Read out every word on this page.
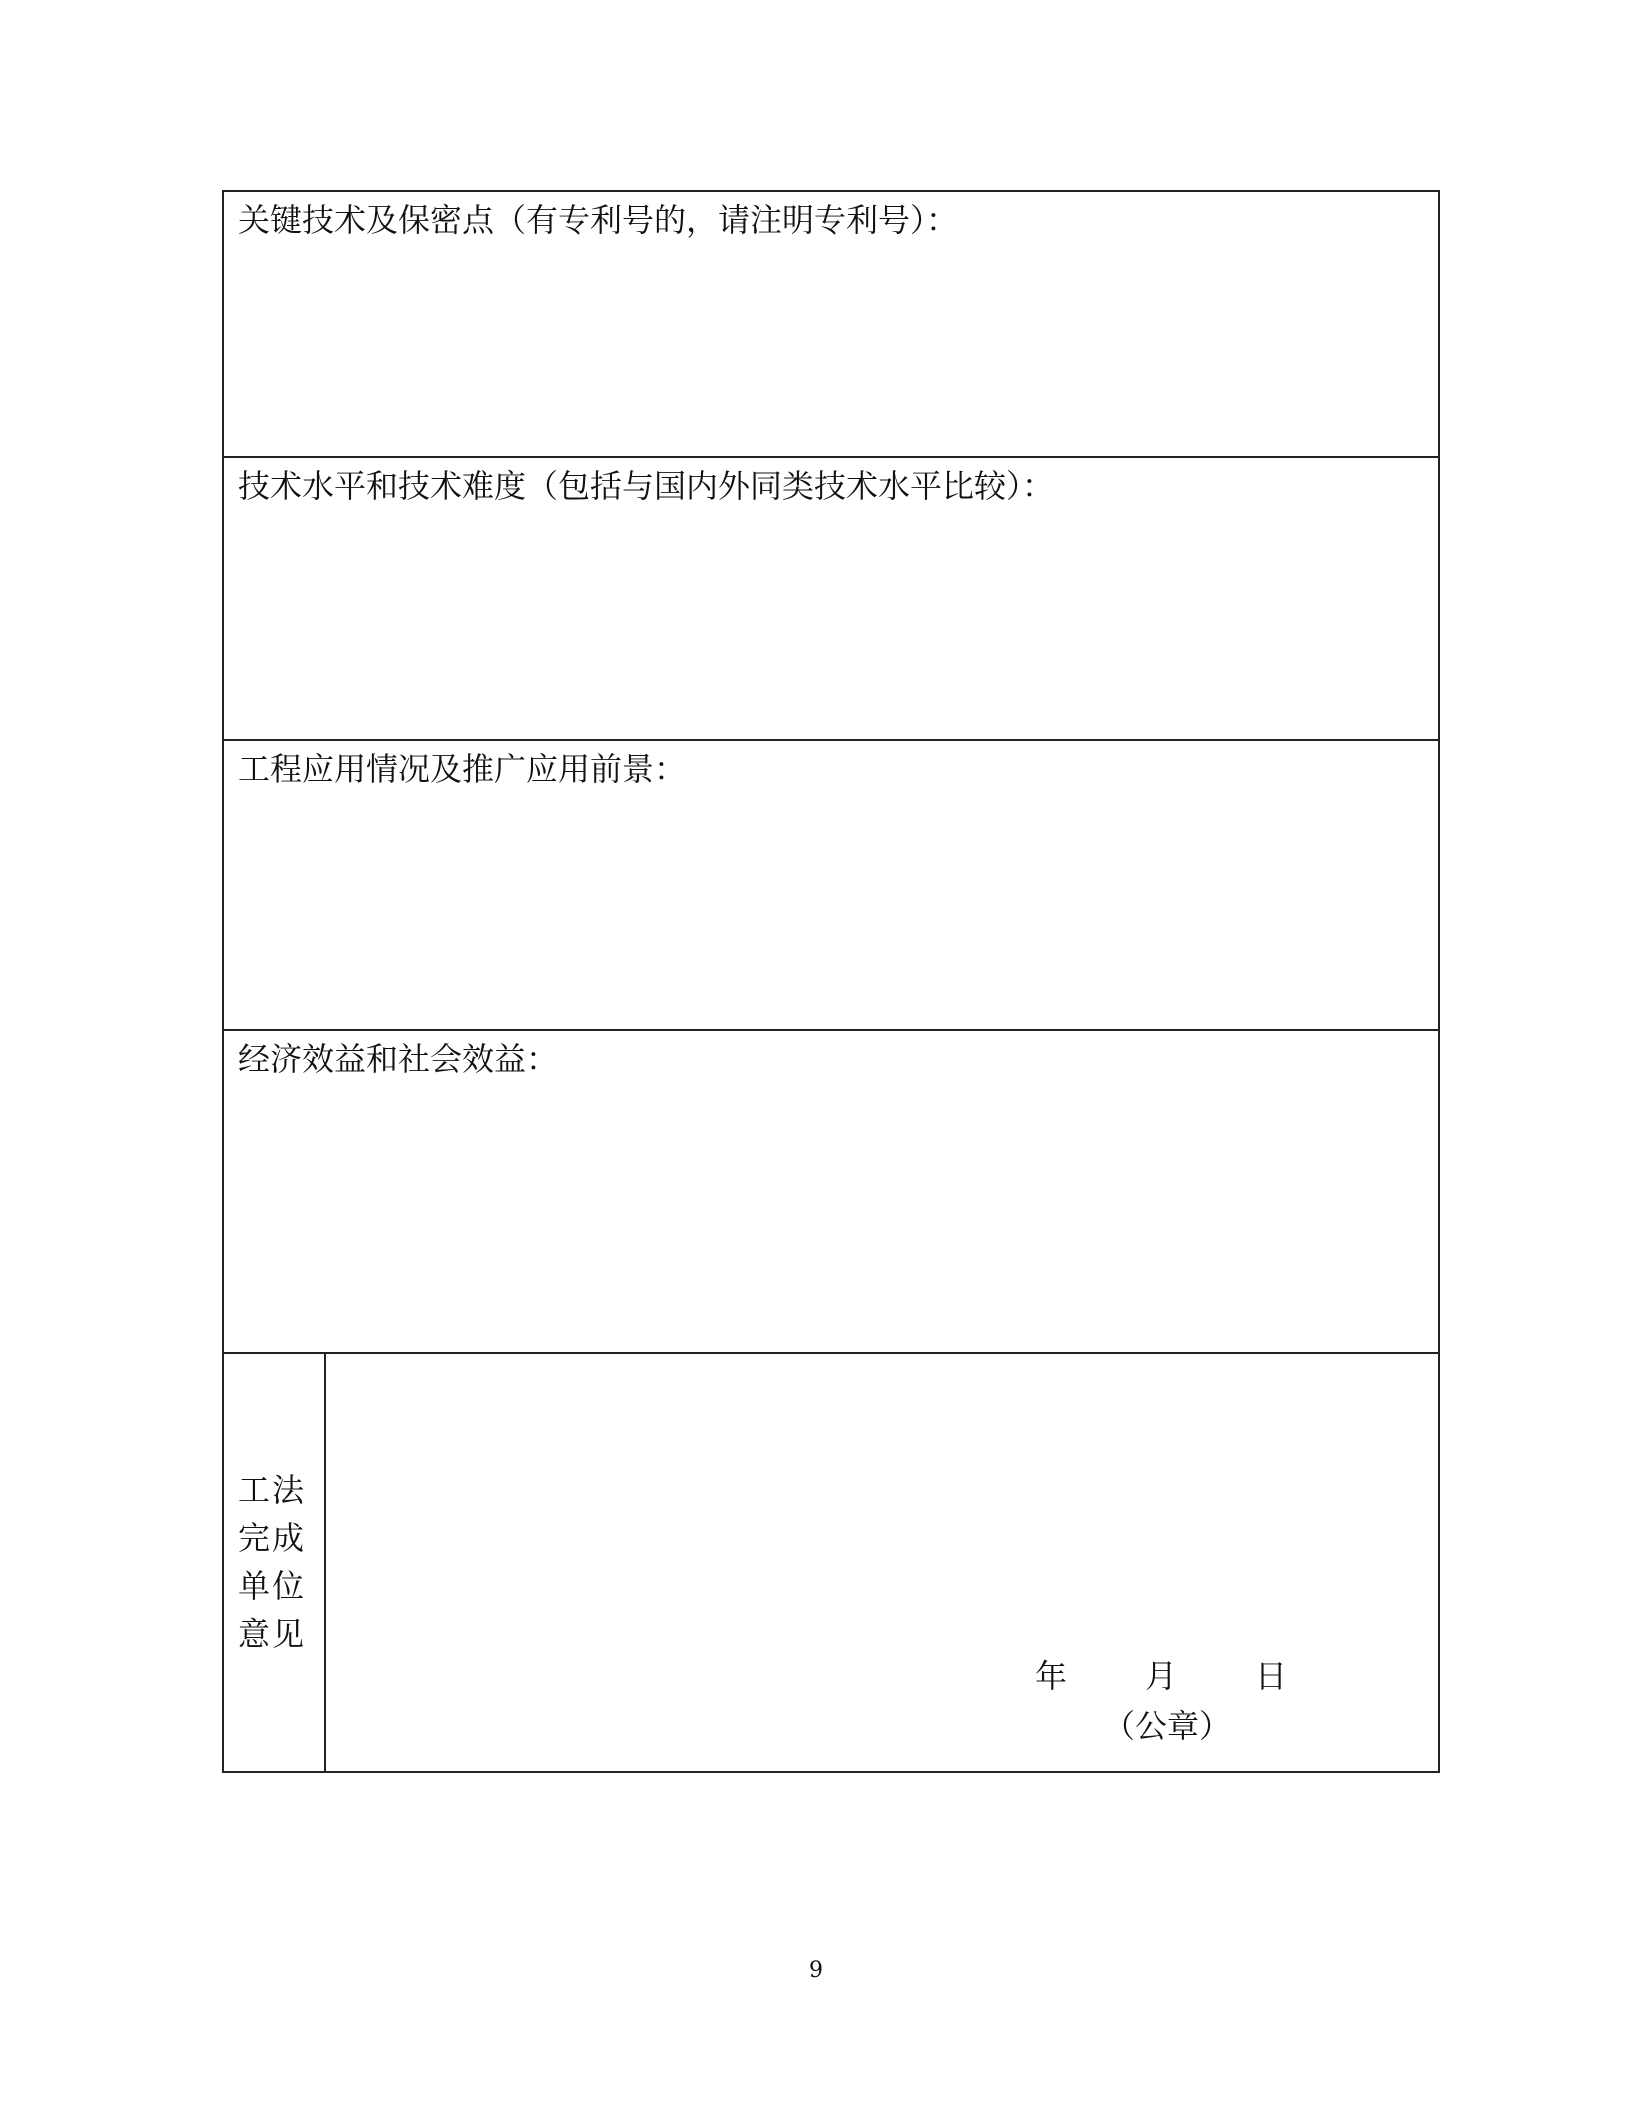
关键技术及保密点（有专利号的，请注明专利号）：
技术水平和技术难度（包括与国内外同类技术水平比较）：
工程应用情况及推广应用前景：
经济效益和社会效益：
工法
完成
单位
意见
年 月 日
（公章）
9
